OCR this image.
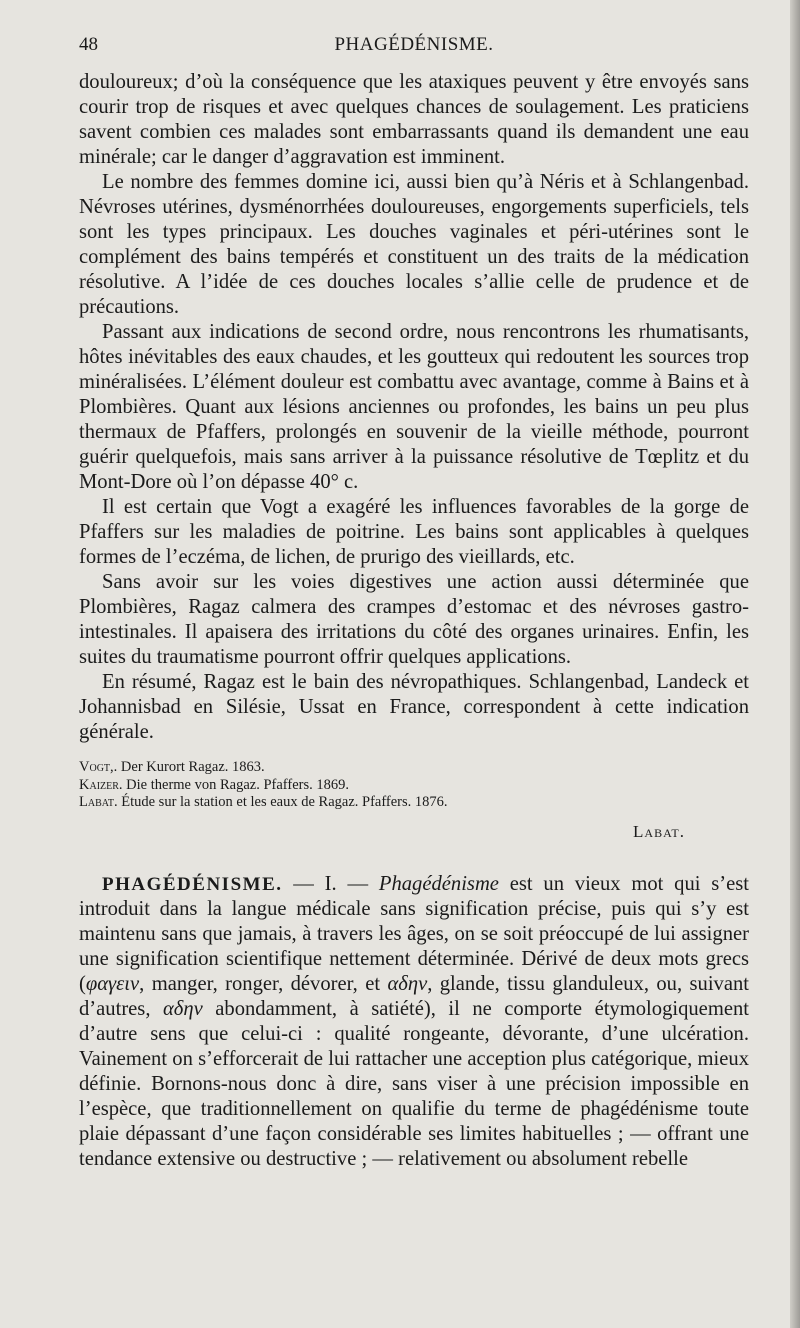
48	PHAGÉDÉNISME.

douloureux; d’où la conséquence que les ataxiques peuvent y être envoyés sans courir trop de risques et avec quelques chances de soulagement. Les praticiens savent combien ces malades sont embarrassants quand ils demandent une eau minérale; car le danger d’aggravation est imminent.

Le nombre des femmes domine ici, aussi bien qu’à Néris et à Schlangenbad. Névroses utérines, dysménorrhées douloureuses, engorgements superficiels, tels sont les types principaux. Les douches vaginales et péri-utérines sont le complément des bains tempérés et constituent un des traits de la médication résolutive. A l’idée de ces douches locales s’allie celle de prudence et de précautions.

Passant aux indications de second ordre, nous rencontrons les rhumatisants, hôtes inévitables des eaux chaudes, et les goutteux qui redoutent les sources trop minéralisées. L’élément douleur est combattu avec avantage, comme à Bains et à Plombières. Quant aux lésions anciennes ou profondes, les bains un peu plus thermaux de Pfaffers, prolongés en souvenir de la vieille méthode, pourront guérir quelquefois, mais sans arriver à la puissance résolutive de Tœplitz et du Mont-Dore où l’on dépasse 40° c.

Il est certain que Vogt a exagéré les influences favorables de la gorge de Pfaffers sur les maladies de poitrine. Les bains sont applicables à quelques formes de l’eczéma, de lichen, de prurigo des vieillards, etc.

Sans avoir sur les voies digestives une action aussi déterminée que Plombières, Ragaz calmera des crampes d’estomac et des névroses gastro-intestinales. Il apaisera des irritations du côté des organes urinaires. Enfin, les suites du traumatisme pourront offrir quelques applications.

En résumé, Ragaz est le bain des névropathiques. Schlangenbad, Landeck et Johannisbad en Silésie, Ussat en France, correspondent à cette indication générale.

Vogt,. Der Kurort Ragaz. 1863.
Kaizer. Die therme von Ragaz. Pfaffers. 1869.
Labat. Étude sur la station et les eaux de Ragaz. Pfaffers. 1876.
Labat.

PHAGÉDÉNISME. — I. — Phagédénisme est un vieux mot qui s’est introduit dans la langue médicale sans signification précise, puis qui s’y est maintenu sans que jamais, à travers les âges, on se soit préoccupé de lui assigner une signification scientifique nettement déterminée. Dérivé de deux mots grecs (φαγειν, manger, ronger, dévorer, et αδην, glande, tissu glanduleux, ou, suivant d’autres, αδην abondamment, à satiété), il ne comporte étymologiquement d’autre sens que celui-ci : qualité rongeante, dévorante, d’une ulcération. Vainement on s’efforcerait de lui rattacher une acception plus catégorique, mieux définie. Bornons-nous donc à dire, sans viser à une précision impossible en l’espèce, que traditionnellement on qualifie du terme de phagédénisme toute plaie dépassant d’une façon considérable ses limites habituelles ; — offrant une tendance extensive ou destructive ; — relativement ou absolument rebelle
